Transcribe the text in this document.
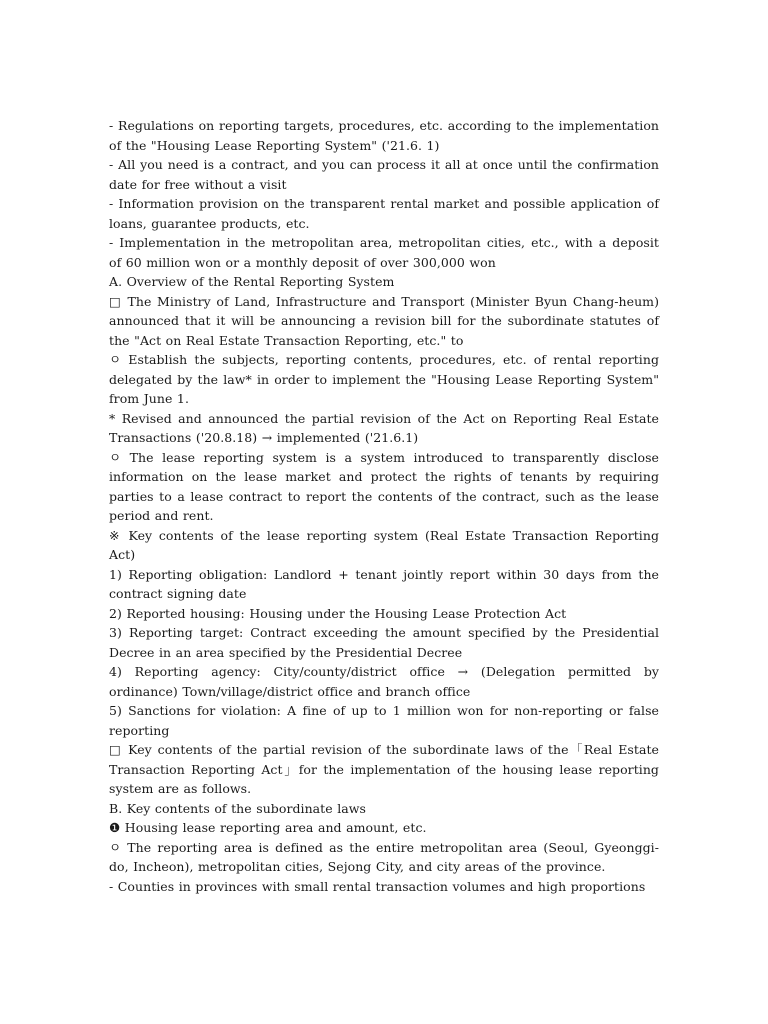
- Regulations on reporting targets, procedures, etc. according to the implementation of the "Housing Lease Reporting System" ('21.6. 1)

- All you need is a contract, and you can process it all at once until the confirmation date for free without a visit

- Information provision on the transparent rental market and possible application of loans, guarantee products, etc.

- Implementation in the metropolitan area, metropolitan cities, etc., with a deposit of 60 million won or a monthly deposit of over 300,000 won

A. Overview of the Rental Reporting System

□ The Ministry of Land, Infrastructure and Transport (Minister Byun Chang-heum) announced that it will be announcing a revision bill for the subordinate statutes of the "Act on Real Estate Transaction Reporting, etc." to

ㅇ Establish the subjects, reporting contents, procedures, etc. of rental reporting delegated by the law* in order to implement the "Housing Lease Reporting System" from June 1.

* Revised and announced the partial revision of the Act on Reporting Real Estate Transactions ('20.8.18) → implemented ('21.6.1)

ㅇ The lease reporting system is a system introduced to transparently disclose information on the lease market and protect the rights of tenants by requiring parties to a lease contract to report the contents of the contract, such as the lease period and rent.

※ Key contents of the lease reporting system (Real Estate Transaction Reporting Act)

1) Reporting obligation: Landlord + tenant jointly report within 30 days from the contract signing date

2) Reported housing: Housing under the Housing Lease Protection Act

3) Reporting target: Contract exceeding the amount specified by the Presidential Decree in an area specified by the Presidential Decree

4) Reporting agency: City/county/district office → (Delegation permitted by ordinance) Town/village/district office and branch office

5) Sanctions for violation: A fine of up to 1 million won for non-reporting or false reporting

□ Key contents of the partial revision of the subordinate laws of the「Real Estate Transaction Reporting Act」for the implementation of the housing lease reporting system are as follows.

B. Key contents of the subordinate laws

❶ Housing lease reporting area and amount, etc.

ㅇ The reporting area is defined as the entire metropolitan area (Seoul, Gyeonggi-do, Incheon), metropolitan cities, Sejong City, and city areas of the province.

- Counties in provinces with small rental transaction volumes and high proportions
